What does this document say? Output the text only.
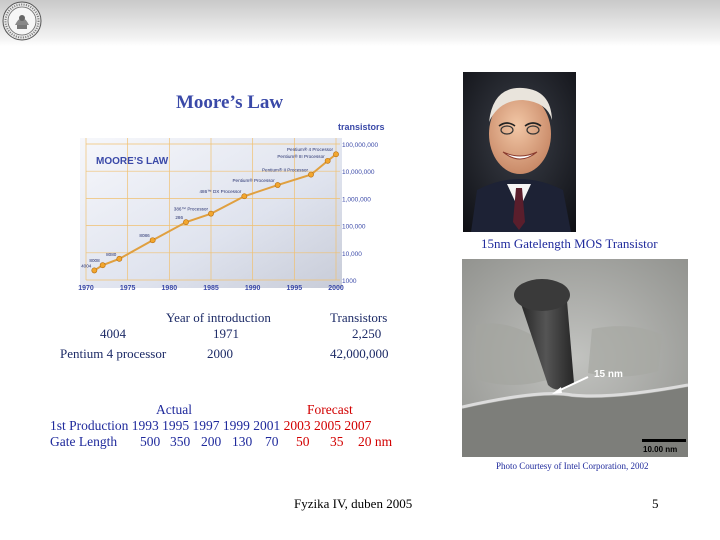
Moore’s Law
MOORE’S LAW
transistors
4004
8008
8080
8086
286
386™ Processor
486™ DX Processor
Pentium® Processor
Pentium® II Processor
Pentium® III Processor
Pentium® 4 Processor
1970	1975	1980	1985	1990	1995	2000
100,000,000
10,000,000
1,000,000
100,000
10,000
1000
Year of introduction	Transistors
4004	1971	2,250
Pentium 4 processor	2000	42,000,000
Actual	Forecast
1st Production 1993 1995 1997 1999 2001 2003 2005 2007
Gate Length 500 350 200 130 70 50 35 20 nm
15nm Gatelength MOS Transistor
15 nm
10.00 nm
Photo Courtesy of Intel Corporation, 2002
Fyzika IV, duben 2005	5
